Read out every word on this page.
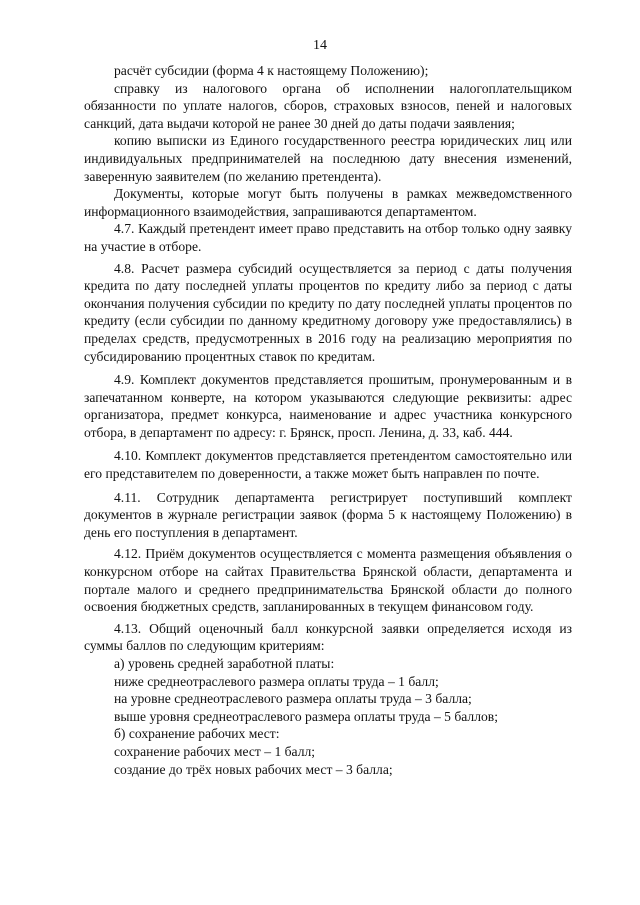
14

расчёт субсидии (форма 4 к настоящему Положению);

справку из налогового органа об исполнении налогоплательщиком обязанности по уплате налогов, сборов, страховых взносов, пеней и налоговых санкций, дата выдачи которой не ранее 30 дней до даты подачи заявления;

копию выписки из Единого государственного реестра юридических лиц или индивидуальных предпринимателей на последнюю дату внесения изменений, заверенную заявителем (по желанию претендента).

Документы, которые могут быть получены в рамках межведомственного информационного взаимодействия, запрашиваются департаментом.

4.7. Каждый претендент имеет право представить на отбор только одну заявку на участие в отборе.

4.8. Расчет размера субсидий осуществляется за период с даты получения кредита по дату последней уплаты процентов по кредиту либо за период с даты окончания получения субсидии по кредиту по дату последней уплаты процентов по кредиту (если субсидии по данному кредитному договору уже предоставлялись) в пределах средств, предусмотренных в 2016 году на реализацию мероприятия по субсидированию процентных ставок по кредитам.

4.9. Комплект документов представляется прошитым, пронумерованным и в запечатанном конверте, на котором указываются следующие реквизиты: адрес организатора, предмет конкурса, наименование и адрес участника конкурсного отбора, в департамент по адресу: г. Брянск, просп. Ленина, д. 33, каб. 444.

4.10. Комплект документов представляется претендентом самостоятельно или его представителем по доверенности, а также может быть направлен по почте.

4.11. Сотрудник департамента регистрирует поступивший комплект документов в журнале регистрации заявок (форма 5 к настоящему Положению) в день его поступления в департамент.

4.12. Приём документов осуществляется с момента размещения объявления о конкурсном отборе на сайтах Правительства Брянской области, департамента и портале малого и среднего предпринимательства Брянской области до полного освоения бюджетных средств, запланированных в текущем финансовом году.

4.13. Общий оценочный балл конкурсной заявки определяется исходя из суммы баллов по следующим критериям:

а) уровень средней заработной платы:

ниже среднеотраслевого размера оплаты труда – 1 балл;

на уровне среднеотраслевого размера оплаты труда – 3 балла;

выше уровня среднеотраслевого размера оплаты труда – 5 баллов;

б) сохранение рабочих мест:

сохранение рабочих мест – 1 балл;

создание до трёх новых рабочих мест – 3 балла;
